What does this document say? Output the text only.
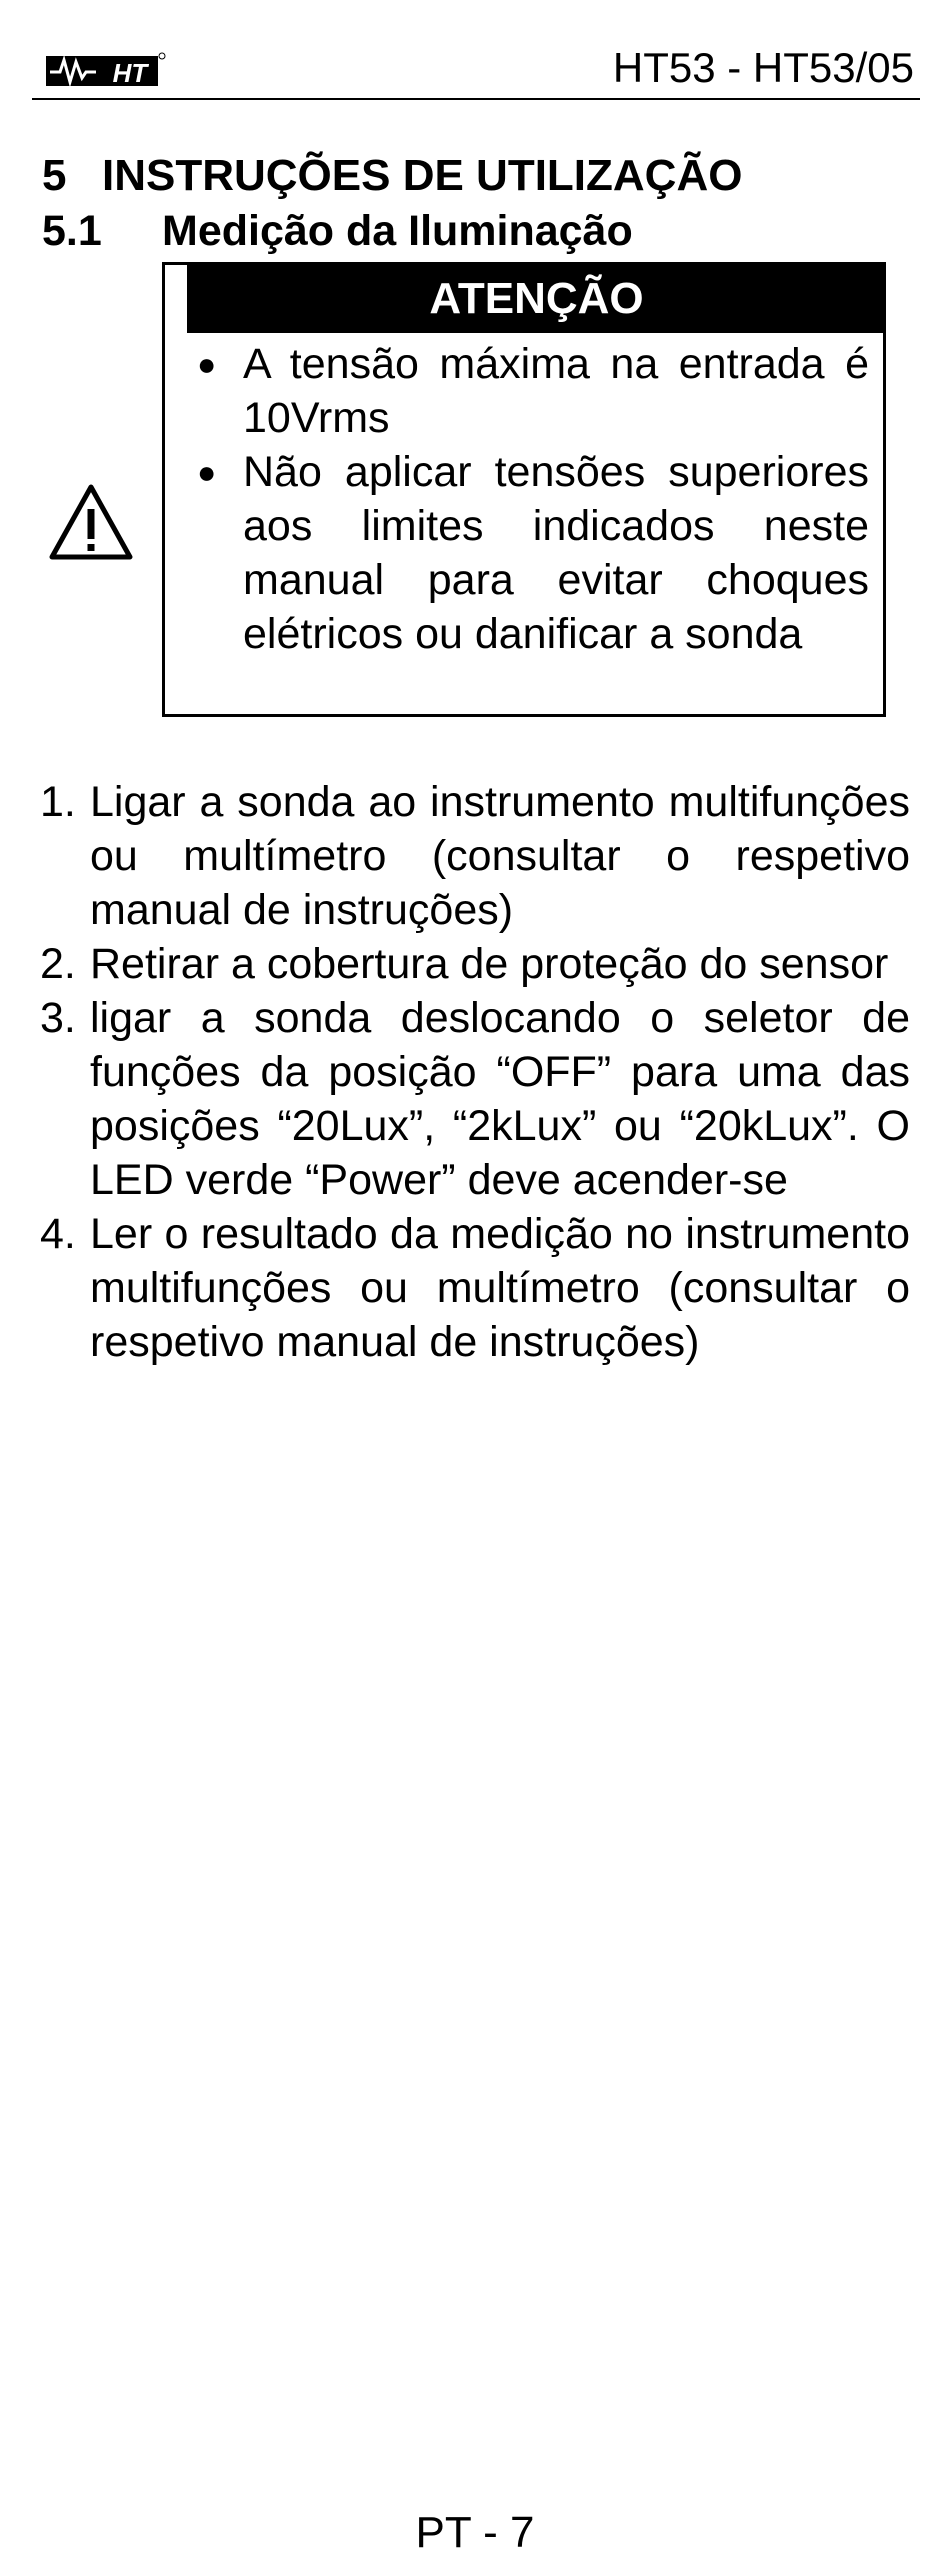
HT	HT53 - HT53/05
5 INSTRUÇÕES DE UTILIZAÇÃO
5.1 Medição da Iluminação
ATENÇÃO
● A tensão máxima na entrada é 10Vrms
● Não aplicar tensões superiores aos limites indicados neste manual para evitar choques elétricos ou danificar a sonda
1. Ligar a sonda ao instrumento multifunções ou multímetro (consultar o respetivo manual de instruções)
2. Retirar a cobertura de proteção do sensor
3. ligar a sonda deslocando o seletor de funções da posição “OFF” para uma das posições “20Lux”, “2kLux” ou “20kLux”. O LED verde “Power” deve acender-se
4. Ler o resultado da medição no instrumento multifunções ou multímetro (consultar o respetivo manual de instruções)
PT - 7
